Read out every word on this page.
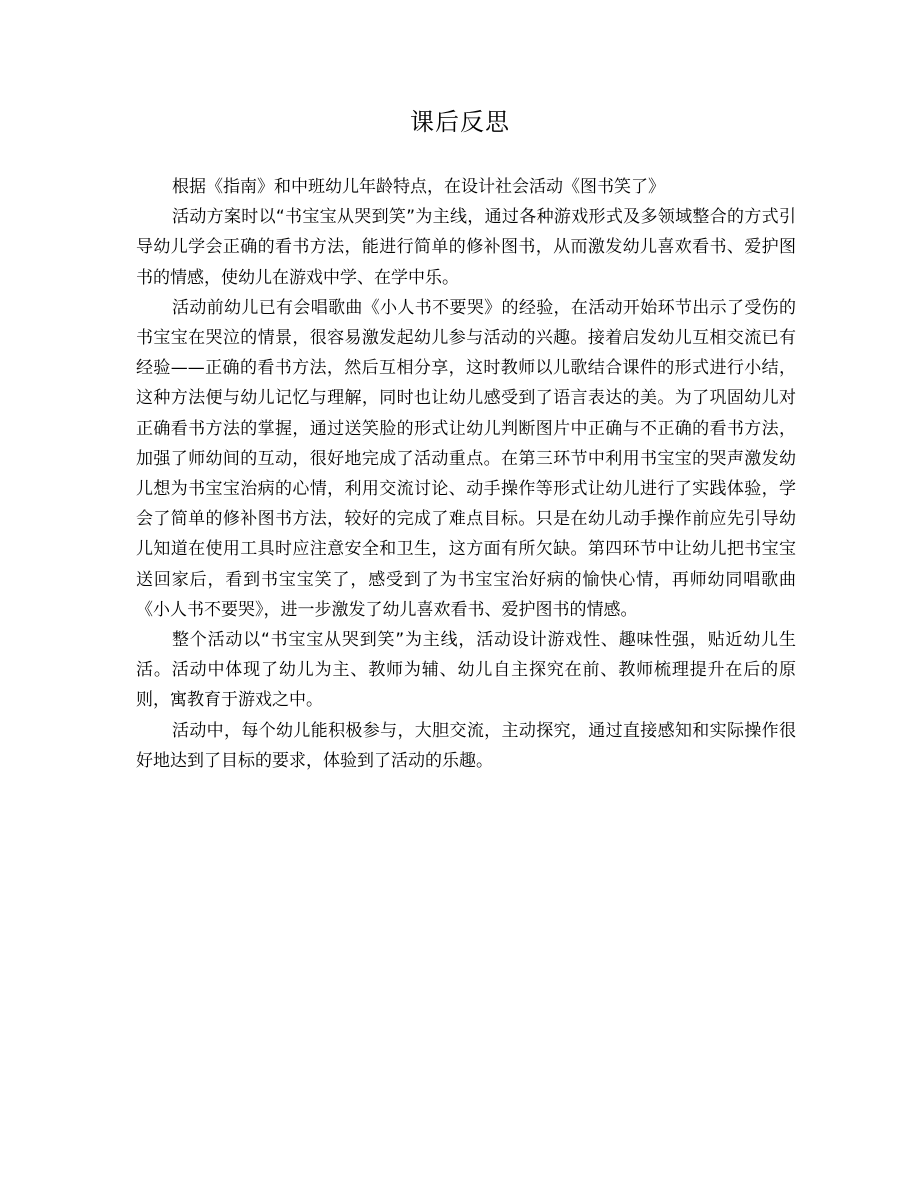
课后反思

根据《指南》和中班幼儿年龄特点，在设计社会活动《图书笑了》

活动方案时以“书宝宝从哭到笑”为主线，通过各种游戏形式及多领域整合的方式引导幼儿学会正确的看书方法，能进行简单的修补图书，从而激发幼儿喜欢看书、爱护图书的情感，使幼儿在游戏中学、在学中乐。

活动前幼儿已有会唱歌曲《小人书不要哭》的经验，在活动开始环节出示了受伤的书宝宝在哭泣的情景，很容易激发起幼儿参与活动的兴趣。接着启发幼儿互相交流已有经验——正确的看书方法，然后互相分享，这时教师以儿歌结合课件的形式进行小结，这种方法便与幼儿记忆与理解，同时也让幼儿感受到了语言表达的美。为了巩固幼儿对正确看书方法的掌握，通过送笑脸的形式让幼儿判断图片中正确与不正确的看书方法，加强了师幼间的互动，很好地完成了活动重点。在第三环节中利用书宝宝的哭声激发幼儿想为书宝宝治病的心情，利用交流讨论、动手操作等形式让幼儿进行了实践体验，学会了简单的修补图书方法，较好的完成了难点目标。只是在幼儿动手操作前应先引导幼儿知道在使用工具时应注意安全和卫生，这方面有所欠缺。第四环节中让幼儿把书宝宝送回家后，看到书宝宝笑了，感受到了为书宝宝治好病的愉快心情，再师幼同唱歌曲《小人书不要哭》，进一步激发了幼儿喜欢看书、爱护图书的情感。

整个活动以“书宝宝从哭到笑”为主线，活动设计游戏性、趣味性强，贴近幼儿生活。活动中体现了幼儿为主、教师为辅、幼儿自主探究在前、教师梳理提升在后的原则，寓教育于游戏之中。

活动中，每个幼儿能积极参与，大胆交流，主动探究，通过直接感知和实际操作很好地达到了目标的要求，体验到了活动的乐趣。
